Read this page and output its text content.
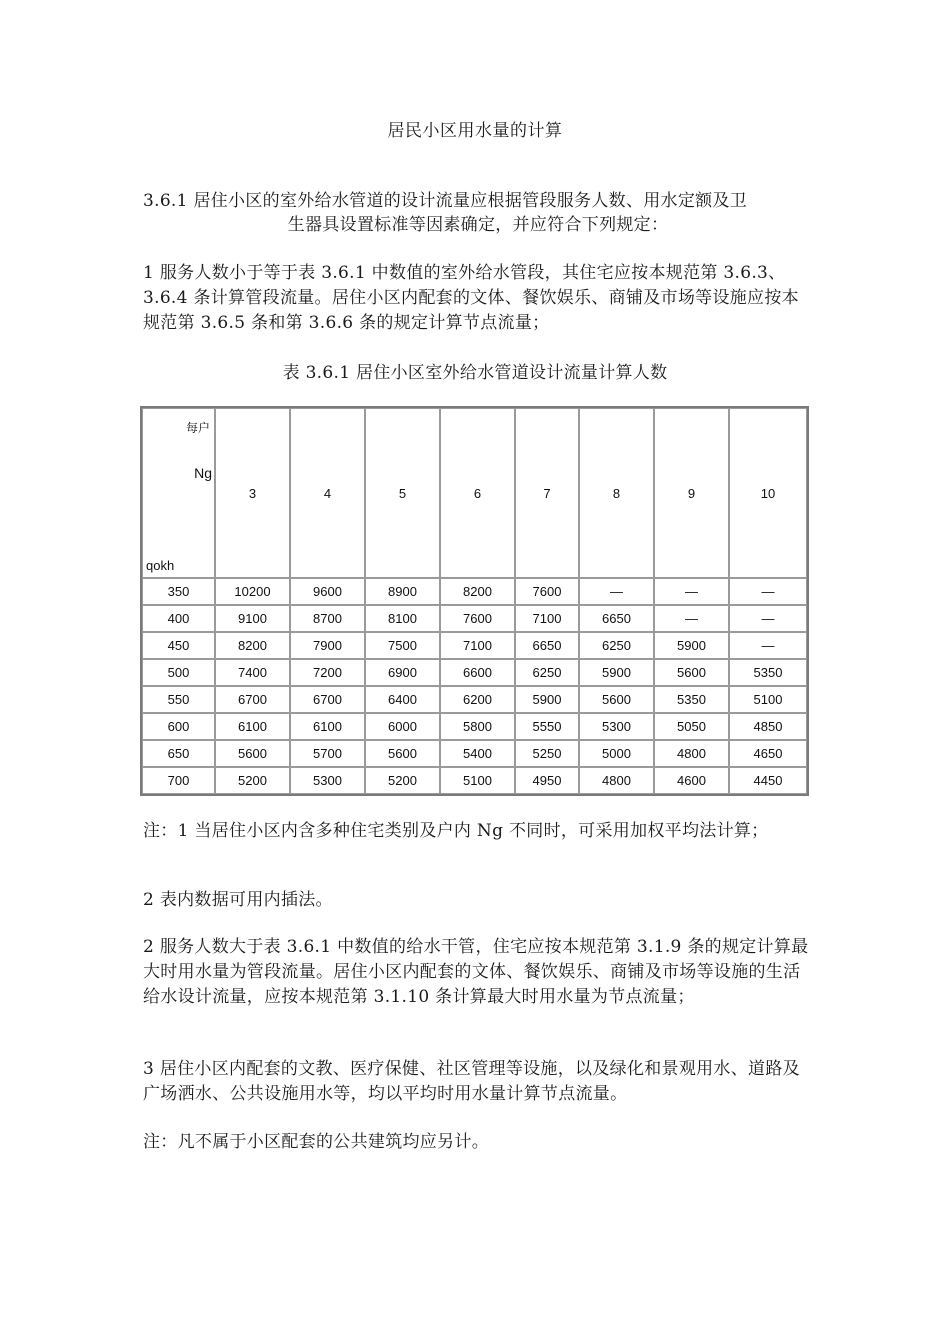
居民小区用水量的计算

3.6.1 居住小区的室外给水管道的设计流量应根据管段服务人数、用水定额及卫

生器具设置标准等因素确定，并应符合下列规定：

1 服务人数小于等于表 3.6.1 中数值的室外给水管段，其住宅应按本规范第 3.6.3、3.6.4 条计算管段流量。居住小区内配套的文体、餐饮娱乐、商铺及市场等设施应按本规范第 3.6.5 条和第 3.6.6 条的规定计算节点流量；

表 3.6.1 居住小区室外给水管道设计流量计算人数
每户
Ng
qokh	3	4	5	6	7	8	9	10
350	10200	9600	8900	8200	7600	—	—	—
400	9100	8700	8100	7600	7100	6650	—	—
450	8200	7900	7500	7100	6650	6250	5900	—
500	7400	7200	6900	6600	6250	5900	5600	5350
550	6700	6700	6400	6200	5900	5600	5350	5100
600	6100	6100	6000	5800	5550	5300	5050	4850
650	5600	5700	5600	5400	5250	5000	4800	4650
700	5200	5300	5200	5100	4950	4800	4600	4450

注：1 当居住小区内含多种住宅类别及户内 Ng 不同时，可采用加权平均法计算；

2 表内数据可用内插法。

2 服务人数大于表 3.6.1 中数值的给水干管，住宅应按本规范第 3.1.9 条的规定计算最大时用水量为管段流量。居住小区内配套的文体、餐饮娱乐、商铺及市场等设施的生活给水设计流量，应按本规范第 3.1.10 条计算最大时用水量为节点流量；

3 居住小区内配套的文教、医疗保健、社区管理等设施，以及绿化和景观用水、道路及广场洒水、公共设施用水等，均以平均时用水量计算节点流量。

注：凡不属于小区配套的公共建筑均应另计。
